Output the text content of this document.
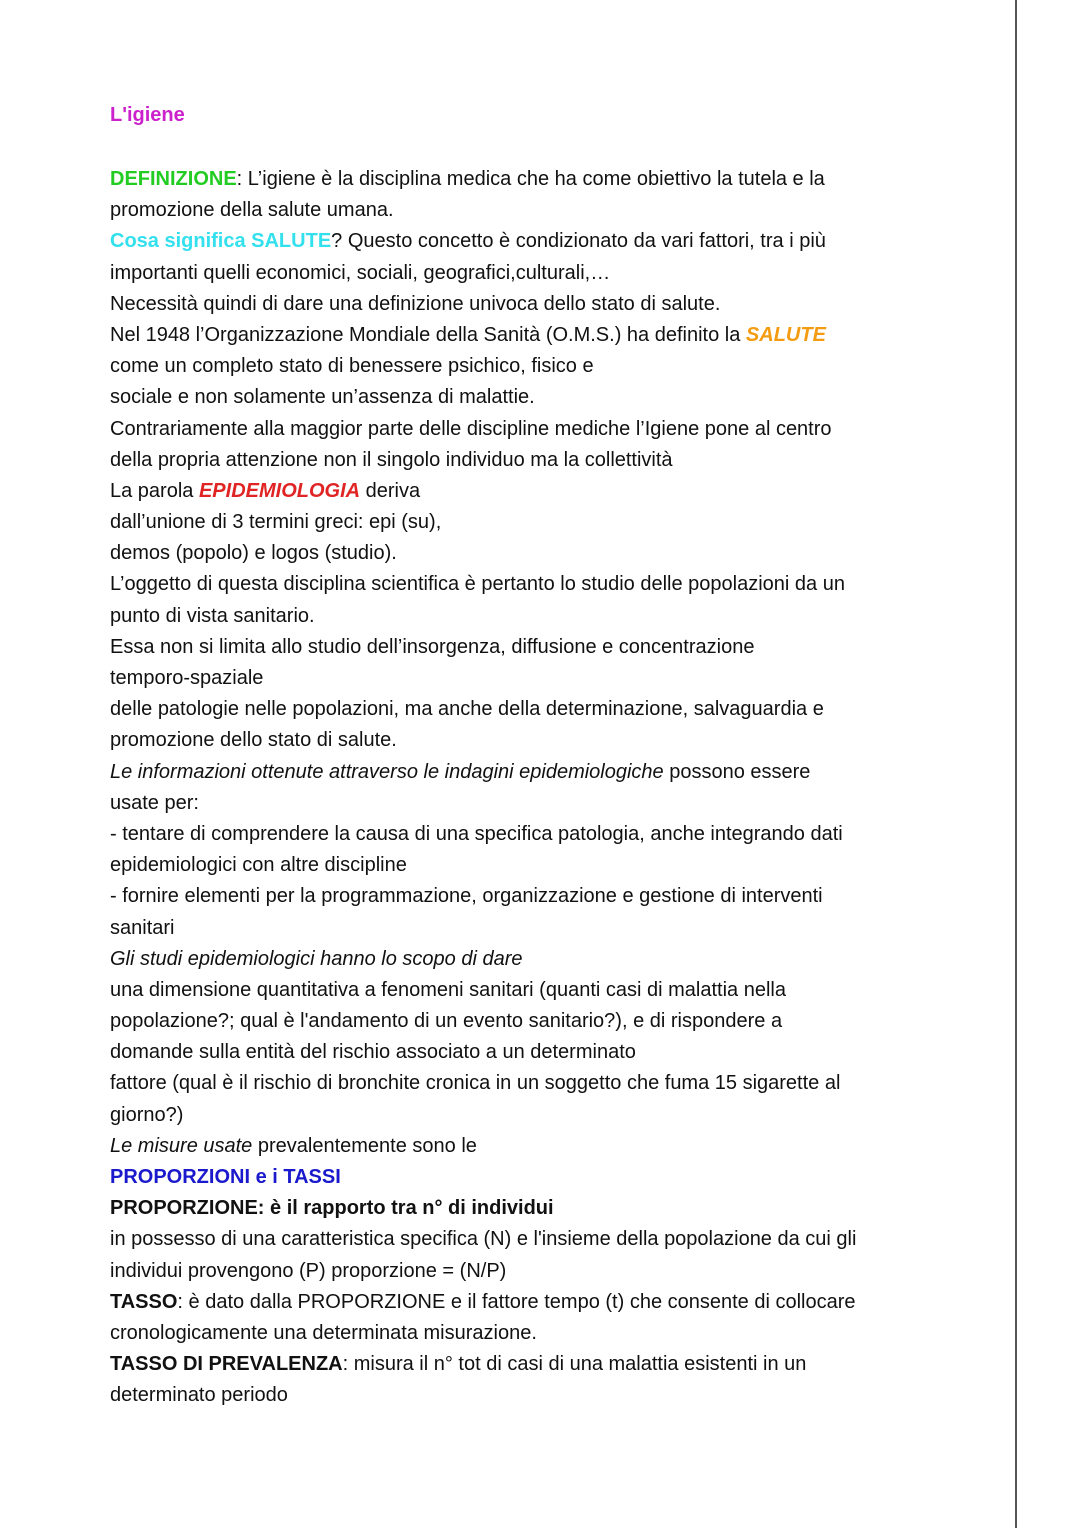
L'igiene
DEFINIZIONE: L’igiene è la disciplina medica che ha come obiettivo la tutela e la
promozione della salute umana.
Cosa significa SALUTE? Questo concetto è condizionato da vari fattori, tra i più
importanti quelli economici, sociali, geografici,culturali,…
Necessità quindi di dare una definizione univoca dello stato di salute.
Nel 1948 l’Organizzazione Mondiale della Sanità (O.M.S.) ha definito la SALUTE
come un completo stato di benessere psichico, fisico e
sociale e non solamente un’assenza di malattie.
Contrariamente alla maggior parte delle discipline mediche l’Igiene pone al centro
della propria attenzione non il singolo individuo ma la collettività
La parola EPIDEMIOLOGIA deriva
dall’unione di 3 termini greci: epi (su),
demos (popolo) e logos (studio).
L’oggetto di questa disciplina scientifica è pertanto lo studio delle popolazioni da un
punto di vista sanitario.
Essa non si limita allo studio dell’insorgenza, diffusione e concentrazione
temporo-spaziale
delle patologie nelle popolazioni, ma anche della determinazione, salvaguardia e
promozione dello stato di salute.
Le informazioni ottenute attraverso le indagini epidemiologiche possono essere
usate per:
- tentare di comprendere la causa di una specifica patologia, anche integrando dati
epidemiologici con altre discipline
- fornire elementi per la programmazione, organizzazione e gestione di interventi
sanitari
Gli studi epidemiologici hanno lo scopo di dare
una dimensione quantitativa a fenomeni sanitari (quanti casi di malattia nella
popolazione?; qual è l'andamento di un evento sanitario?), e di rispondere a
domande sulla entità del rischio associato a un determinato
fattore (qual è il rischio di bronchite cronica in un soggetto che fuma 15 sigarette al
giorno?)
Le misure usate prevalentemente sono le
PROPORZIONI e i TASSI
PROPORZIONE: è il rapporto tra n° di individui
in possesso di una caratteristica specifica (N) e l'insieme della popolazione da cui gli
individui provengono (P) proporzione = (N/P)
TASSO: è dato dalla PROPORZIONE e il fattore tempo (t) che consente di collocare
cronologicamente una determinata misurazione.
TASSO DI PREVALENZA: misura il n° tot di casi di una malattia esistenti in un
determinato periodo
